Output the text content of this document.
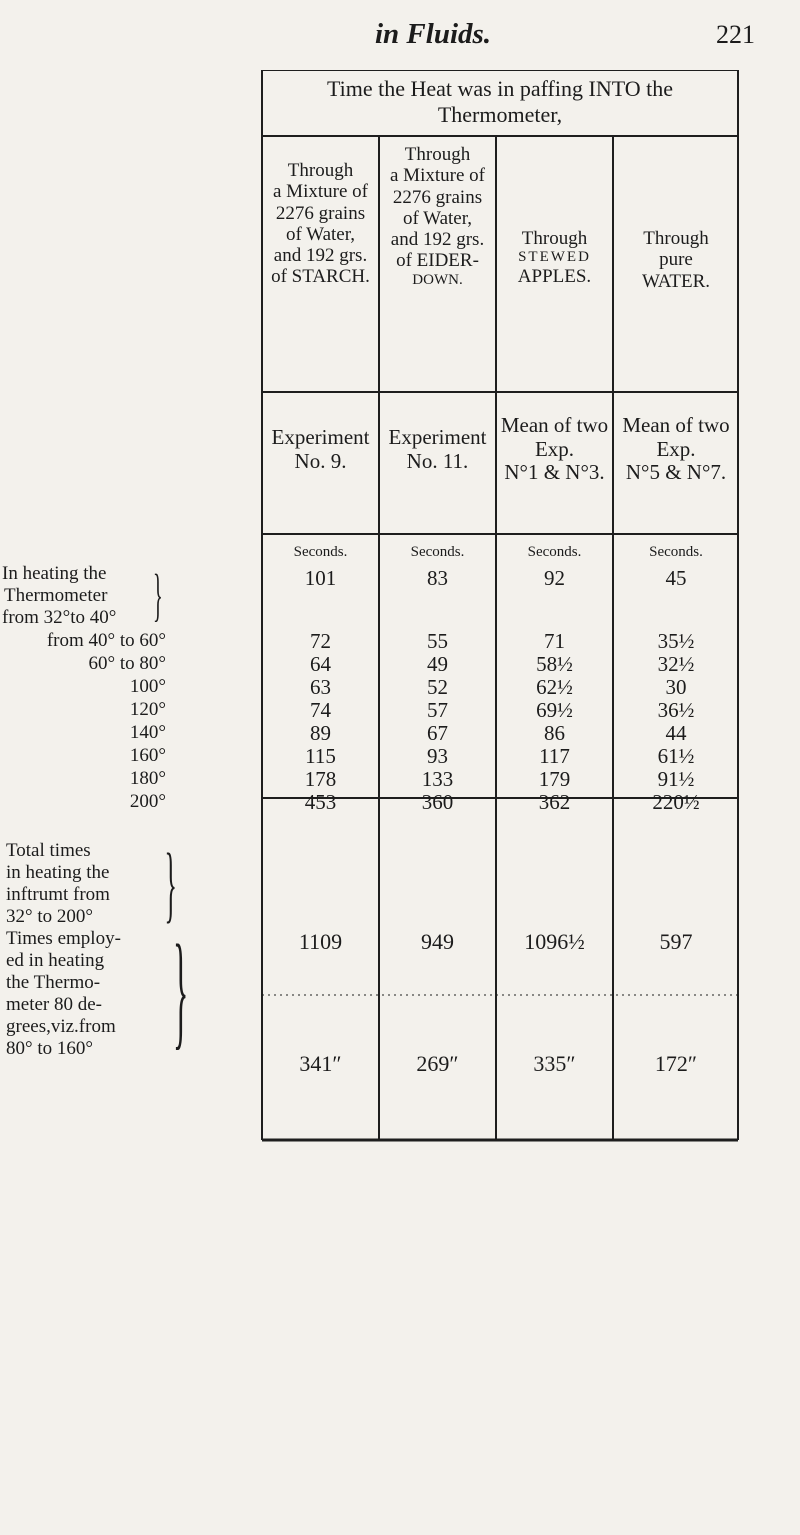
in Fluids.	221
In heating the
Thermometer
from 32°to 40° }
from 40° to 60°
60° to 80°
100°
120°
140°
160°
180°
200°
Total times
in heating the
inftrumt from
32° to 200° }
Times employ-
ed in heating
the Thermo-
meter 80 de-
grees,viz.from
80° to 160° }
Time the Heat was in paffing INTO the
Thermometer,
Through
a Mixture of
2276 grains
of Water,
and 192 grs.
of STARCH.
Experiment
No. 9.
Seconds.
101
72
64
63
74
89
115
178
453
1109
341″
Through
a Mixture of
2276 grains
of Water,
and 192 grs.
of EIDER-
DOWN.
Experiment
No. 11.
Seconds.
83
55
49
52
57
67
93
133
360
949
269″
Through
STEWED
APPLES.
Mean of two
Exp.
N°1 & N°3.
Seconds.
92
71
58½
62½
69½
86
117
179
362
1096½
335″
Through
pure
WATER.
Mean of two
Exp.
N°5 & N°7.
Seconds.
45
35½
32½
30
36½
44
61½
91½
220½
597
172″
